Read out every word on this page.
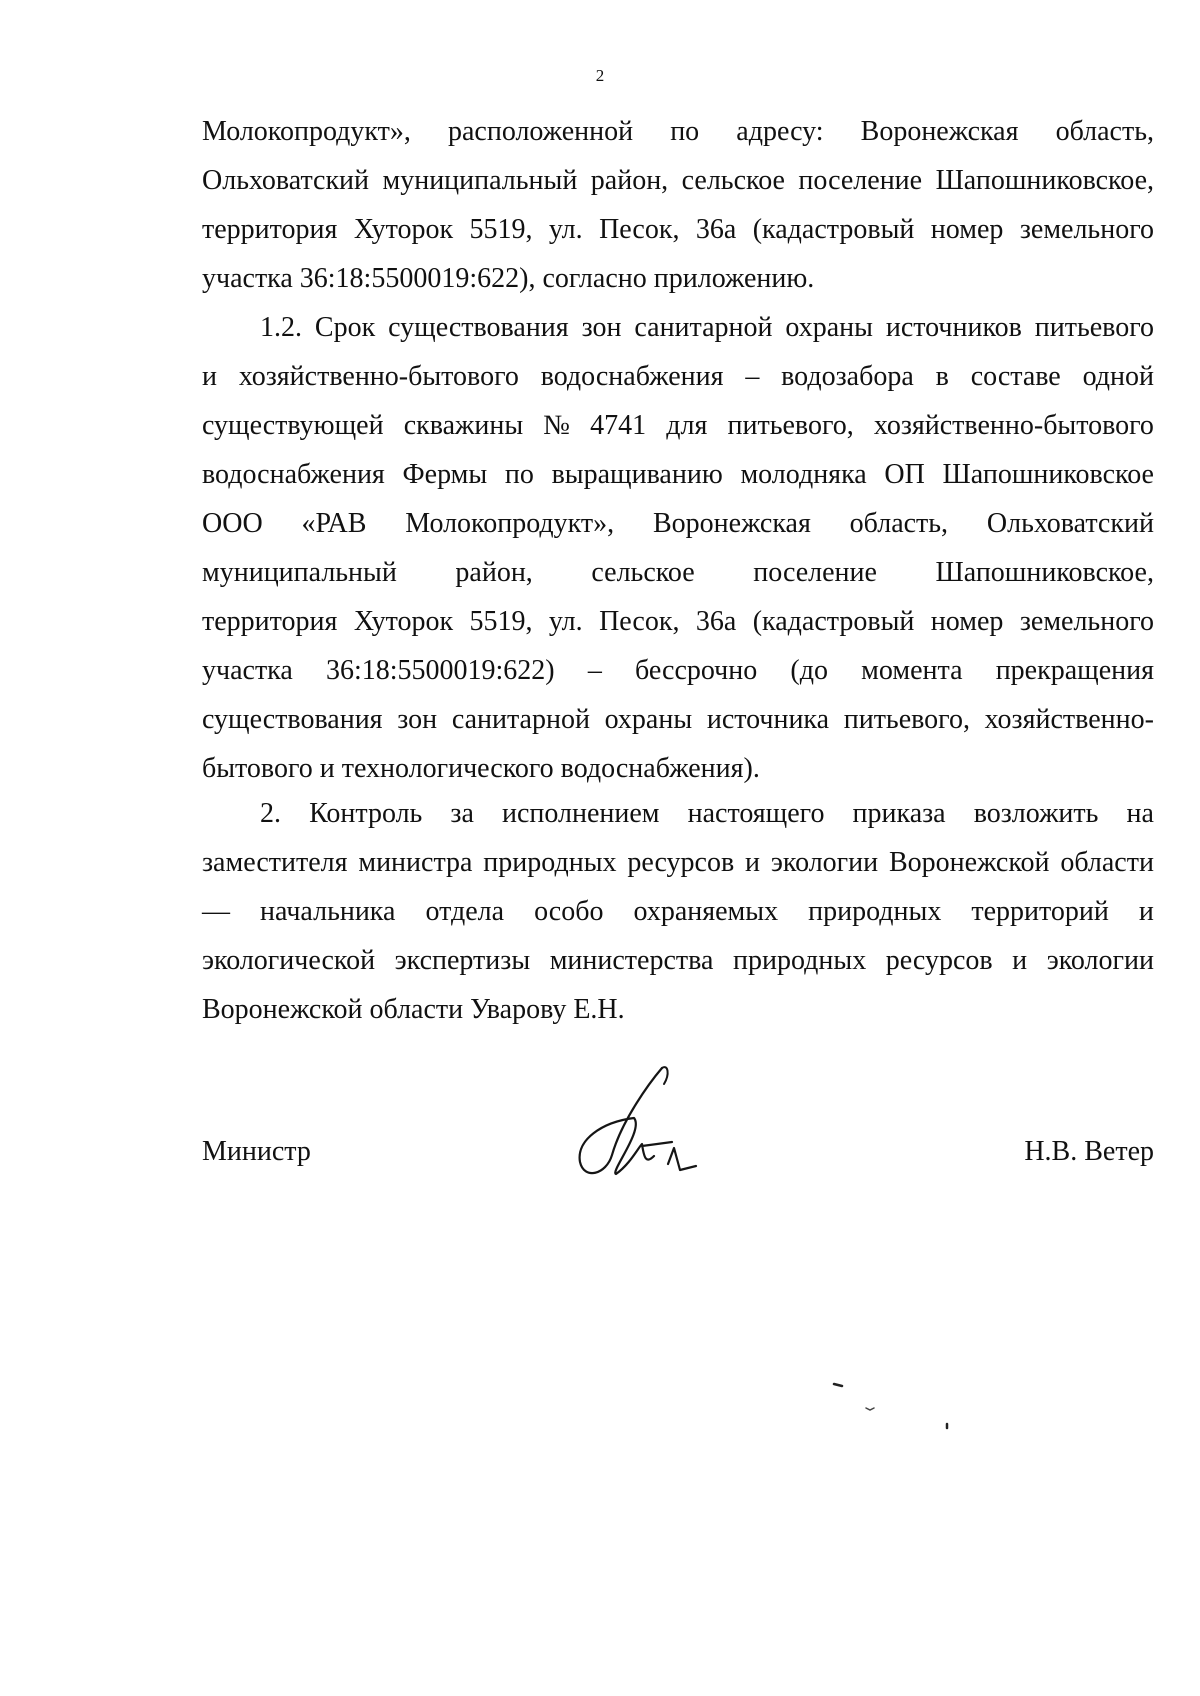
2
Молокопродукт», расположенной по адресу: Воронежская область,
Ольховатский муниципальный район, сельское поселение Шапошниковское,
территория Хуторок 5519, ул. Песок, 36а (кадастровый номер земельного
участка 36:18:5500019:622), согласно приложению.
1.2. Срок существования зон санитарной охраны источников питьевого
и хозяйственно-бытового водоснабжения – водозабора в составе одной
существующей скважины № 4741 для питьевого, хозяйственно-бытового
водоснабжения Фермы по выращиванию молодняка ОП Шапошниковское
ООО «РАВ Молокопродукт», Воронежская область, Ольховатский
муниципальный район, сельское поселение Шапошниковское,
территория Хуторок 5519, ул. Песок, 36а (кадастровый номер земельного
участка 36:18:5500019:622) – бессрочно (до момента прекращения
существования зон санитарной охраны источника питьевого, хозяйственно-
бытового и технологического водоснабжения).
2. Контроль за исполнением настоящего приказа возложить на
заместителя министра природных ресурсов и экологии Воронежской области
— начальника отдела особо охраняемых природных территорий и
экологической экспертизы министерства природных ресурсов и экологии
Воронежской области Уварову Е.Н.
Министр	Н.В. Ветер
